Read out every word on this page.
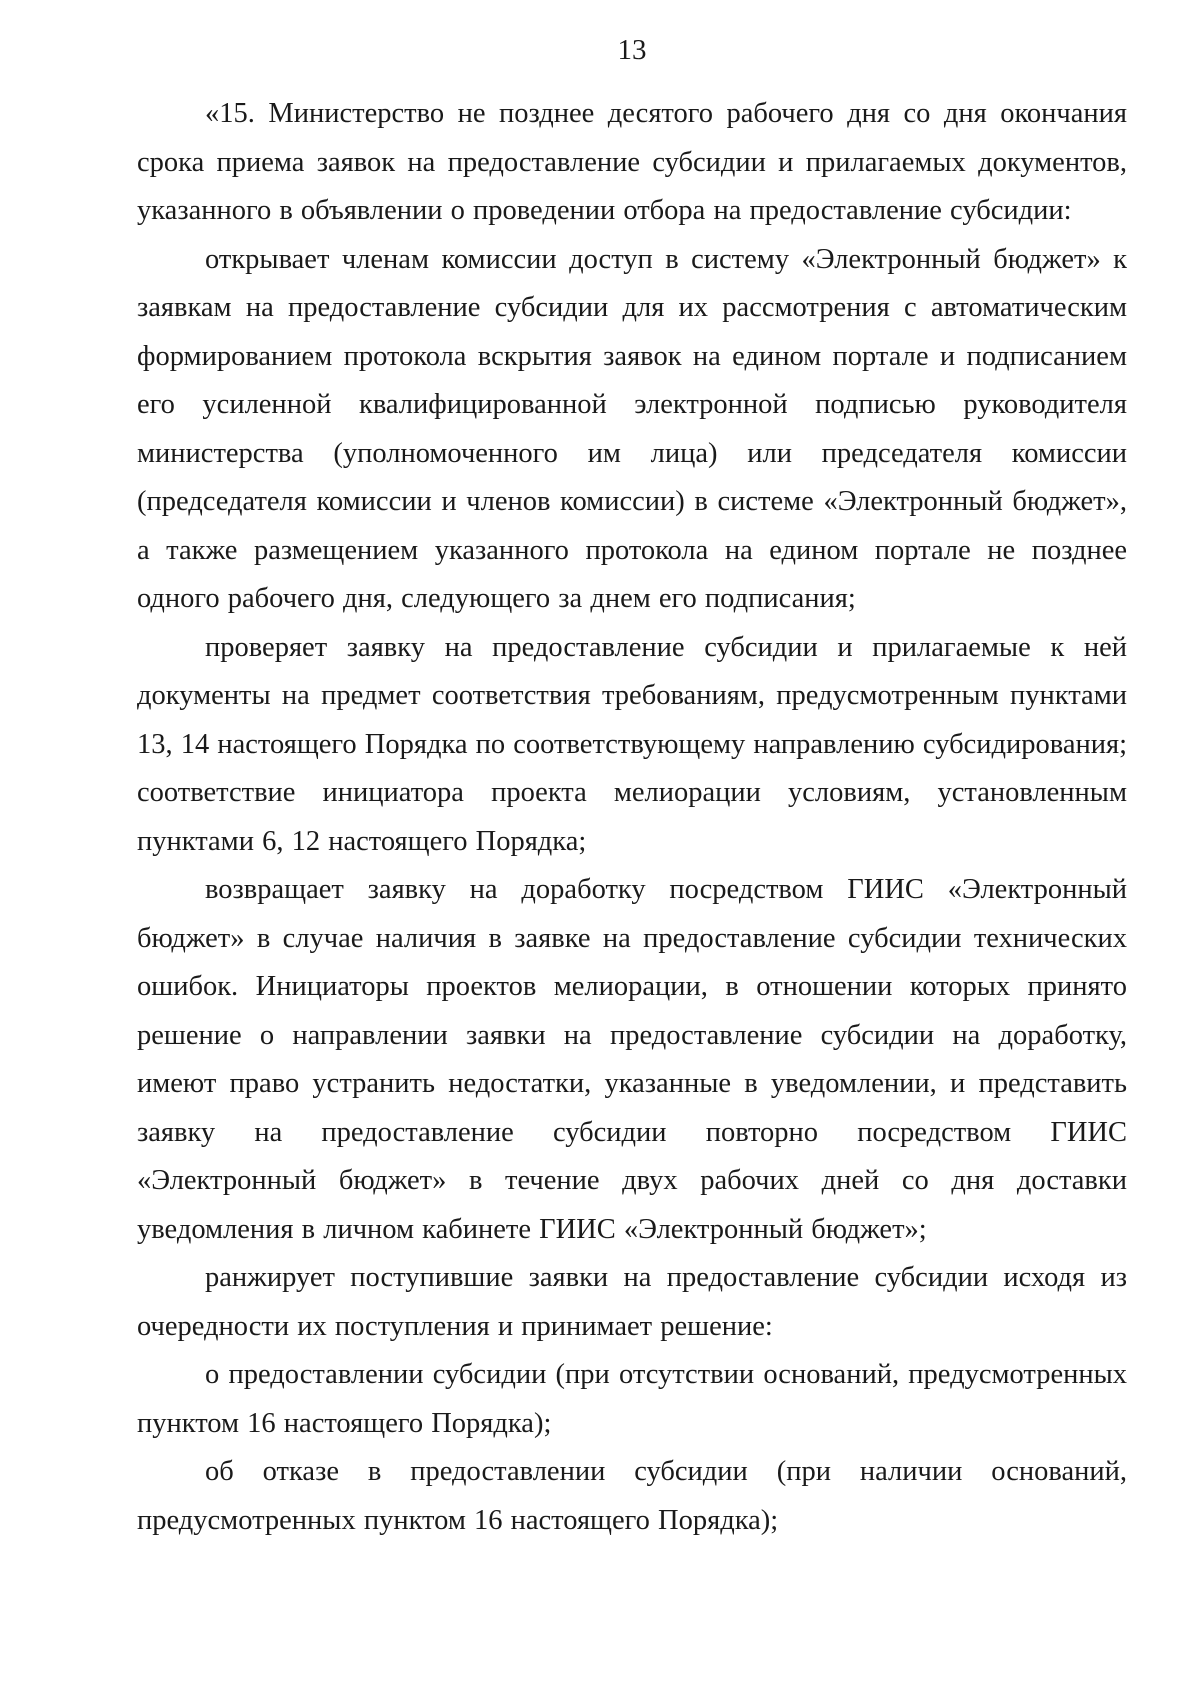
13

«15. Министерство не позднее десятого рабочего дня со дня окончания срока приема заявок на предоставление субсидии и прилагаемых документов, указанного в объявлении о проведении отбора на предоставление субсидии:

открывает членам комиссии доступ в систему «Электронный бюджет» к заявкам на предоставление субсидии для их рассмотрения с автоматическим формированием протокола вскрытия заявок на едином портале и подписанием его усиленной квалифицированной электронной подписью руководителя министерства (уполномоченного им лица) или председателя комиссии (председателя комиссии и членов комиссии) в системе «Электронный бюджет», а также размещением указанного протокола на едином портале не позднее одного рабочего дня, следующего за днем его подписания;

проверяет заявку на предоставление субсидии и прилагаемые к ней документы на предмет соответствия требованиям, предусмотренным пунктами 13, 14 настоящего Порядка по соответствующему направлению субсидирования; соответствие инициатора проекта мелиорации условиям, установленным пунктами 6, 12 настоящего Порядка;

возвращает заявку на доработку посредством ГИИС «Электронный бюджет» в случае наличия в заявке на предоставление субсидии технических ошибок. Инициаторы проектов мелиорации, в отношении которых принято решение о направлении заявки на предоставление субсидии на доработку, имеют право устранить недостатки, указанные в уведомлении, и представить заявку на предоставление субсидии повторно посредством ГИИС «Электронный бюджет» в течение двух рабочих дней со дня доставки уведомления в личном кабинете ГИИС «Электронный бюджет»;

ранжирует поступившие заявки на предоставление субсидии исходя из очередности их поступления и принимает решение:

о предоставлении субсидии (при отсутствии оснований, предусмотренных пунктом 16 настоящего Порядка);

об отказе в предоставлении субсидии (при наличии оснований, предусмотренных пунктом 16 настоящего Порядка);
